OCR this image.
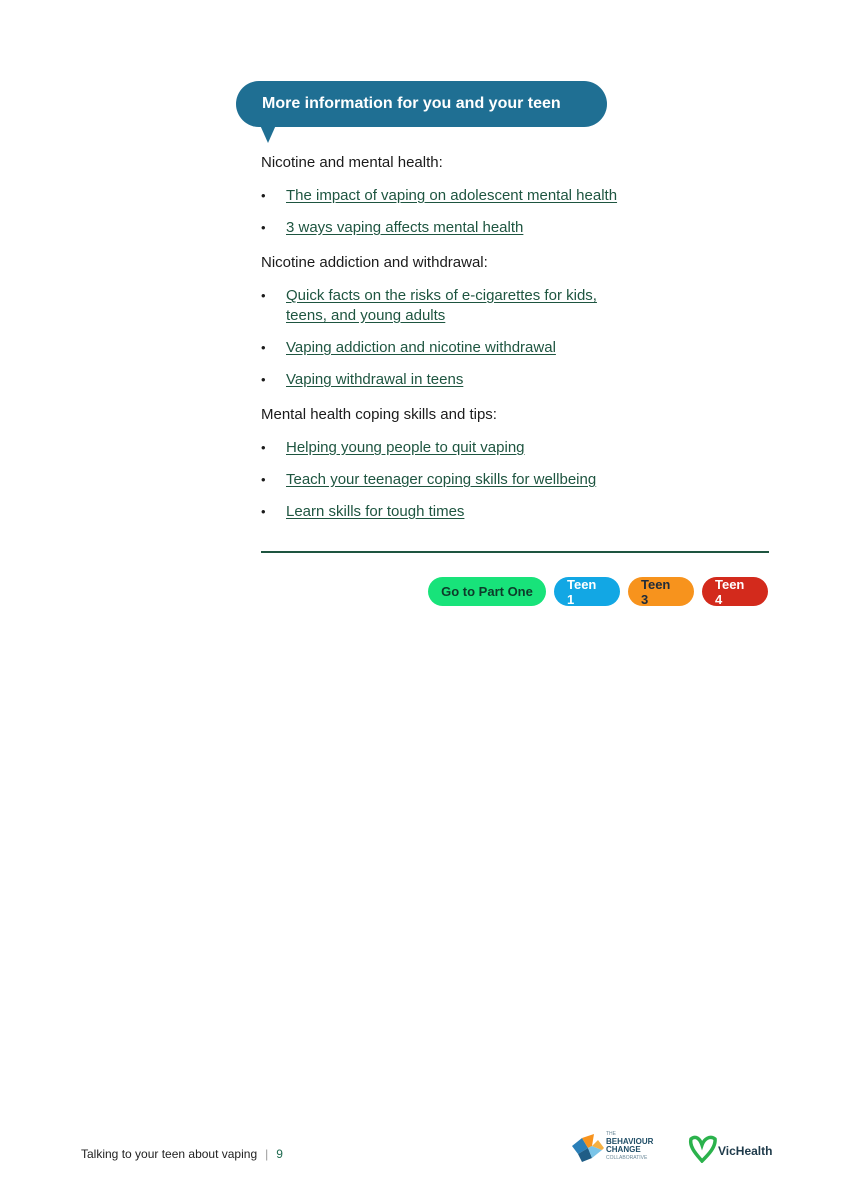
More information for you and your teen

Nicotine and mental health:

• The impact of vaping on adolescent mental health
• 3 ways vaping affects mental health

Nicotine addiction and withdrawal:

• Quick facts on the risks of e-cigarettes for kids, teens, and young adults
• Vaping addiction and nicotine withdrawal
• Vaping withdrawal in teens

Mental health coping skills and tips:

• Helping young people to quit vaping
• Teach your teenager coping skills for wellbeing
• Learn skills for tough times
Go to Part One	Teen 1
Teen 3
Teen 4
Talking to your teen about vaping | 9
THE
BEHAVIOUR
CHANGE
COLLABORATIVE	VicHealth
